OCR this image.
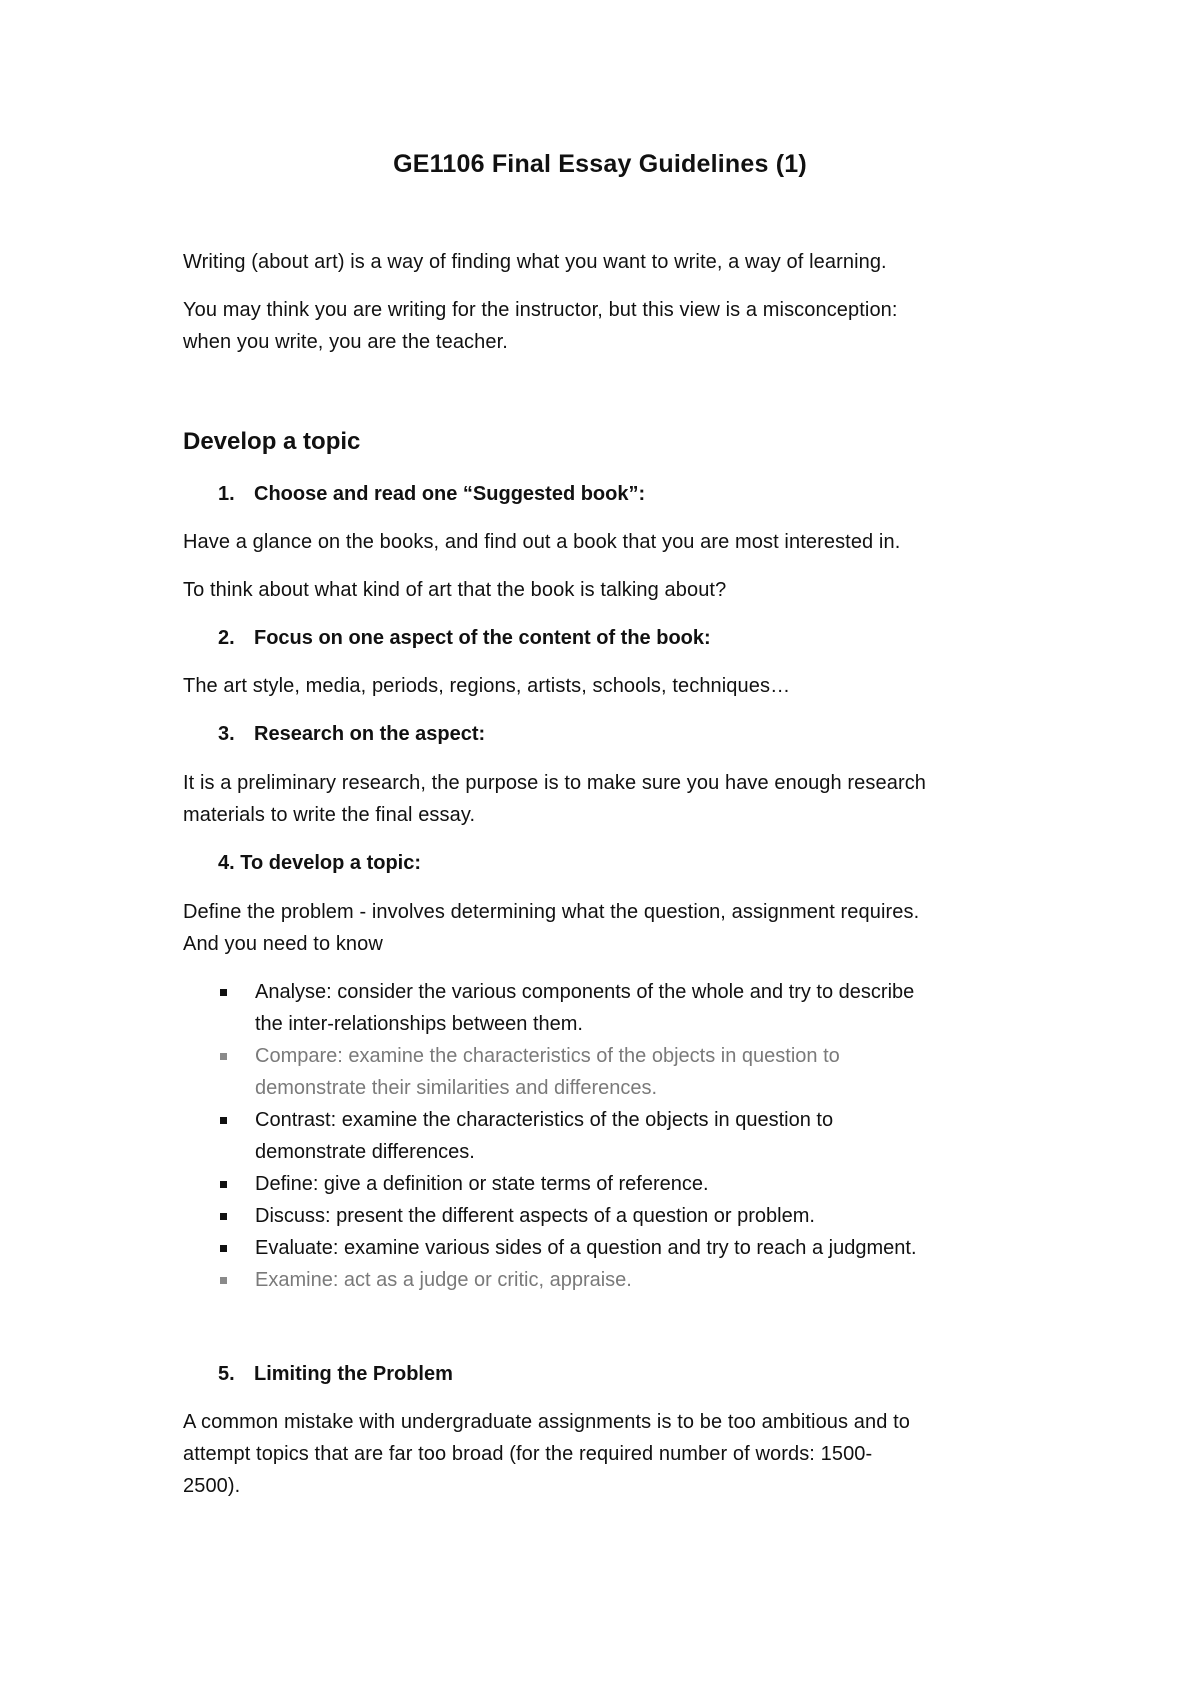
GE1106 Final Essay Guidelines (1)

Writing (about art) is a way of finding what you want to write, a way of learning.

You may think you are writing for the instructor, but this view is a misconception:

when you write, you are the teacher.

Develop a topic
1. Choose and read one “Suggested book”:

Have a glance on the books, and find out a book that you are most interested in.

To think about what kind of art that the book is talking about?

2. Focus on one aspect of the content of the book:

The art style, media, periods, regions, artists, schools, techniques…

3. Research on the aspect:

It is a preliminary research, the purpose is to make sure you have enough research

materials to write the final essay.

4. To develop a topic:

Define the problem - involves determining what the question, assignment requires.

And you need to know

Analyse: consider the various components of the whole and try to describe
the inter-relationships between them.
Compare: examine the characteristics of the objects in question to
demonstrate their similarities and differences.
Contrast: examine the characteristics of the objects in question to
demonstrate differences.
Define: give a definition or state terms of reference.
Discuss: present the different aspects of a question or problem.
Evaluate: examine various sides of a question and try to reach a judgment.
Examine: act as a judge or critic, appraise.
5. Limiting the Problem

A common mistake with undergraduate assignments is to be too ambitious and to

attempt topics that are far too broad (for the required number of words: 1500-

2500).
